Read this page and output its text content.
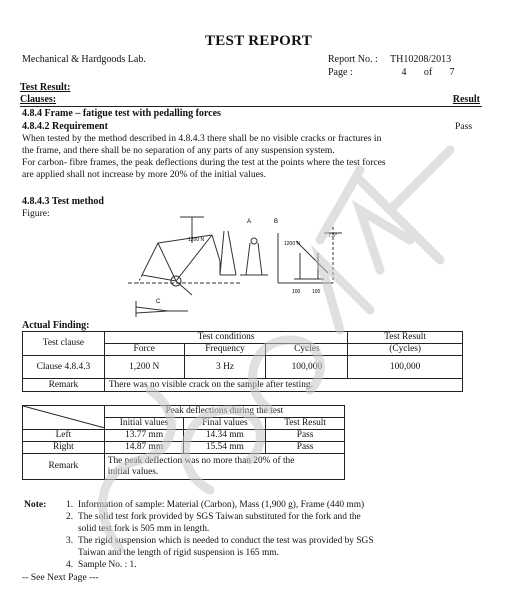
TEST REPORT
Mechanical & Hardgoods Lab.	Report No. : TH10208/2013
Page :	4 of 7
Test Result:
Clauses:	Result
4.8.4 Frame – fatigue test with pedalling forces
4.8.4.2 Requirement	Pass
When tested by the method described in 4.8.4.3 there shall be no visible cracks or fractures in
the frame, and there shall be no separation of any parts of any suspension system.
For carbon- fibre frames, the peak deflections during the test at the points where the test forces
are applied shall not increase by more 20% of the initial values.
4.8.4.3 Test method
Figure:
1200 N
1200 N
A	B
C
100 100
7.5°
Actual Finding:
Test clause	Test conditions			Test Result
	Force	Frequency	Cycles	(Cycles)
Clause 4.8.4.3	1,200 N	3 Hz	100,000	100,000
Remark	There was no visible crack on the sample after testing.			
	Peak deflections during the test		
	Initial values	Final values	Test Result
Left	13.77 mm	14.34 mm	Pass
Right	14.87 mm	15.54 mm	Pass
Remark	The peak deflection was no more than 20% of the
initial values.		
Note: 1. Information of sample: Material (Carbon), Mass (1,900 g), Frame (440 mm)
2. The solid test fork provided by SGS Taiwan substituted for the fork and the
solid test fork is 505 mm in length.
3. The rigid suspension which is needed to conduct the test was provided by SGS
Taiwan and the length of rigid suspension is 165 mm.
4. Sample No. : 1.
-- See Next Page ---
